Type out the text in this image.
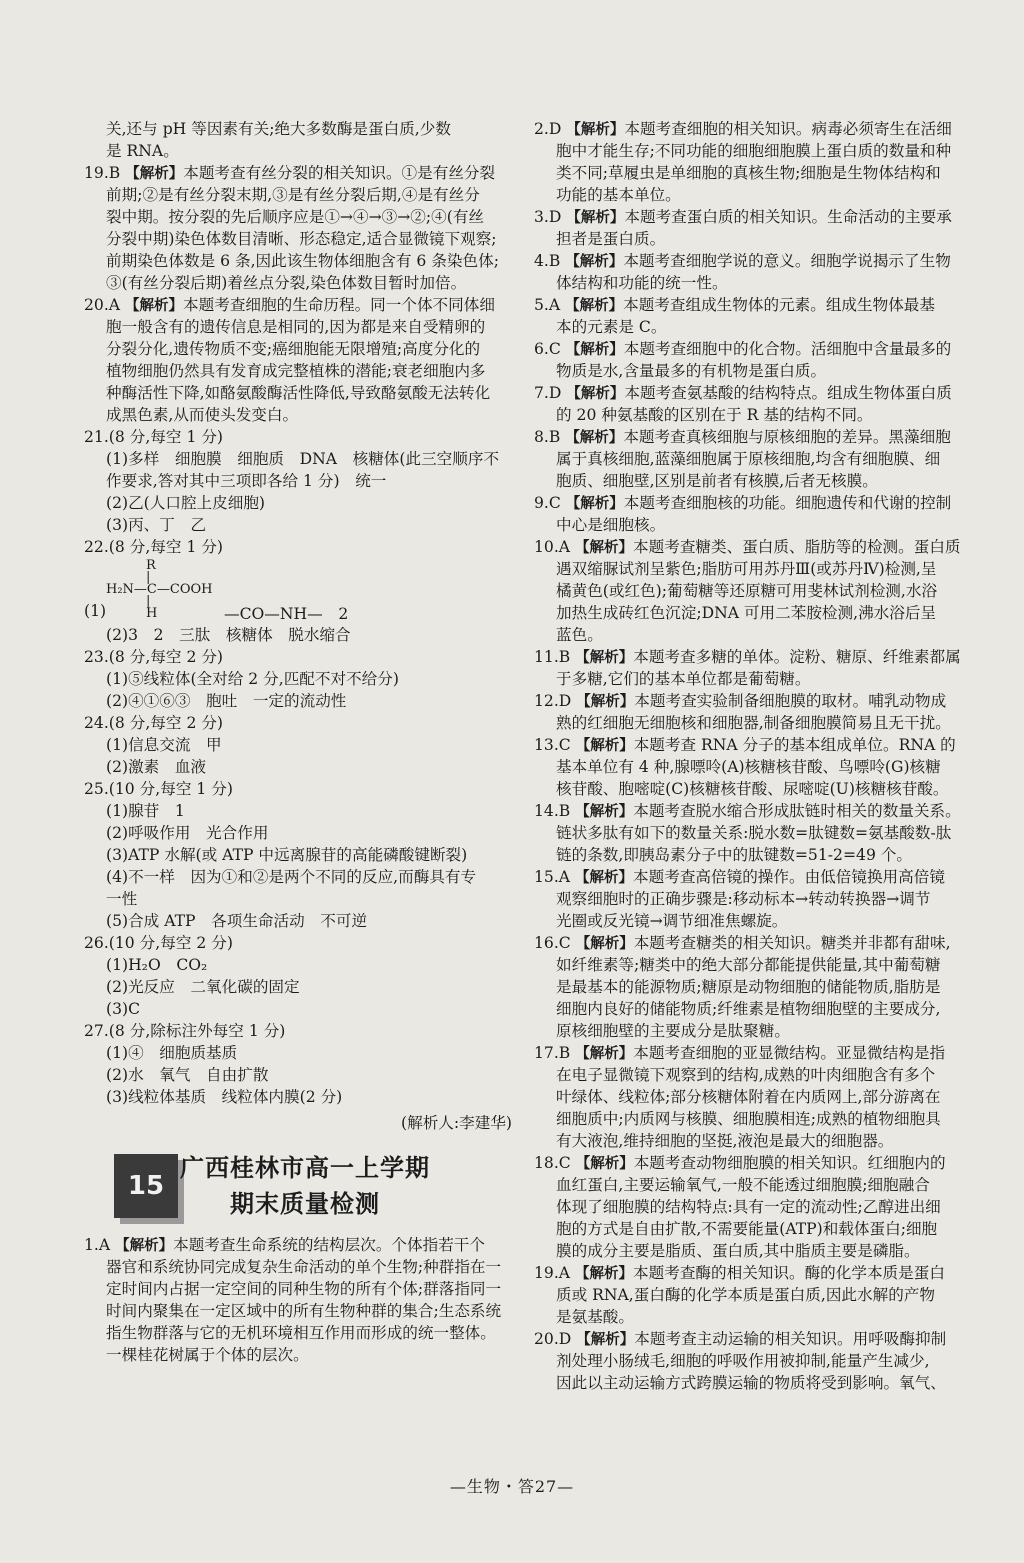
关,还与 pH 等因素有关;绝大多数酶是蛋白质,少数
是 RNA。
19.B 【解析】本题考查有丝分裂的相关知识。①是有丝分裂
前期;②是有丝分裂末期,③是有丝分裂后期,④是有丝分
裂中期。按分裂的先后顺序应是①→④→③→②;④(有丝
分裂中期)染色体数目清晰、形态稳定,适合显微镜下观察;
前期染色体数是 6 条,因此该生物体细胞含有 6 条染色体;
③(有丝分裂后期)着丝点分裂,染色体数目暂时加倍。
20.A 【解析】本题考查细胞的生命历程。同一个体不同体细
胞一般含有的遗传信息是相同的,因为都是来自受精卵的
分裂分化,遗传物质不变;癌细胞能无限增殖;高度分化的
植物细胞仍然具有发育成完整植株的潜能;衰老细胞内多
种酶活性下降,如酪氨酸酶活性降低,导致酪氨酸无法转化
成黑色素,从而使头发变白。
21.(8 分,每空 1 分)
(1)多样　细胞膜　细胞质　DNA　核糖体(此三空顺序不
作要求,答对其中三项即各给 1 分)　统一
(2)乙(人口腔上皮细胞)
(3)丙、丁　乙
22.(8 分,每空 1 分)
R
|
H₂N—C—COOH
|
(1)	H	—CO—NH—　2
(2)3　2　三肽　核糖体　脱水缩合
23.(8 分,每空 2 分)
(1)⑤线粒体(全对给 2 分,匹配不对不给分)
(2)④①⑥③　胞吐　一定的流动性
24.(8 分,每空 2 分)
(1)信息交流　甲
(2)激素　血液
25.(10 分,每空 1 分)
(1)腺苷　1
(2)呼吸作用　光合作用
(3)ATP 水解(或 ATP 中远离腺苷的高能磷酸键断裂)
(4)不一样　因为①和②是两个不同的反应,而酶具有专
一性
(5)合成 ATP　各项生命活动　不可逆
26.(10 分,每空 2 分)
(1)H₂O　CO₂
(2)光反应　二氧化碳的固定
(3)C
27.(8 分,除标注外每空 1 分)
(1)④　细胞质基质
(2)水　氧气　自由扩散
(3)线粒体基质　线粒体内膜(2 分)
(解析人:李建华)
15
广西桂林市高一上学期
期末质量检测
1.A 【解析】本题考查生命系统的结构层次。个体指若干个
器官和系统协同完成复杂生命活动的单个生物;种群指在一
定时间内占据一定空间的同种生物的所有个体;群落指同一
时间内聚集在一定区域中的所有生物种群的集合;生态系统
指生物群落与它的无机环境相互作用而形成的统一整体。
一棵桂花树属于个体的层次。
2.D 【解析】本题考查细胞的相关知识。病毒必须寄生在活细
胞中才能生存;不同功能的细胞细胞膜上蛋白质的数量和种
类不同;草履虫是单细胞的真核生物;细胞是生物体结构和
功能的基本单位。
3.D 【解析】本题考查蛋白质的相关知识。生命活动的主要承
担者是蛋白质。
4.B 【解析】本题考查细胞学说的意义。细胞学说揭示了生物
体结构和功能的统一性。
5.A 【解析】本题考查组成生物体的元素。组成生物体最基
本的元素是 C。
6.C 【解析】本题考查细胞中的化合物。活细胞中含量最多的
物质是水,含量最多的有机物是蛋白质。
7.D 【解析】本题考查氨基酸的结构特点。组成生物体蛋白质
的 20 种氨基酸的区别在于 R 基的结构不同。
8.B 【解析】本题考查真核细胞与原核细胞的差异。黑藻细胞
属于真核细胞,蓝藻细胞属于原核细胞,均含有细胞膜、细
胞质、细胞壁,区别是前者有核膜,后者无核膜。
9.C 【解析】本题考查细胞核的功能。细胞遗传和代谢的控制
中心是细胞核。
10.A 【解析】本题考查糖类、蛋白质、脂肪等的检测。蛋白质
遇双缩脲试剂呈紫色;脂肪可用苏丹Ⅲ(或苏丹Ⅳ)检测,呈
橘黄色(或红色);葡萄糖等还原糖可用斐林试剂检测,水浴
加热生成砖红色沉淀;DNA 可用二苯胺检测,沸水浴后呈
蓝色。
11.B 【解析】本题考查多糖的单体。淀粉、糖原、纤维素都属
于多糖,它们的基本单位都是葡萄糖。
12.D 【解析】本题考查实验制备细胞膜的取材。哺乳动物成
熟的红细胞无细胞核和细胞器,制备细胞膜简易且无干扰。
13.C 【解析】本题考查 RNA 分子的基本组成单位。RNA 的
基本单位有 4 种,腺嘌呤(A)核糖核苷酸、鸟嘌呤(G)核糖
核苷酸、胞嘧啶(C)核糖核苷酸、尿嘧啶(U)核糖核苷酸。
14.B 【解析】本题考查脱水缩合形成肽链时相关的数量关系。
链状多肽有如下的数量关系:脱水数=肽键数=氨基酸数-肽
链的条数,即胰岛素分子中的肽键数=51-2=49 个。
15.A 【解析】本题考查高倍镜的操作。由低倍镜换用高倍镜
观察细胞时的正确步骤是:移动标本→转动转换器→调节
光圈或反光镜→调节细准焦螺旋。
16.C 【解析】本题考查糖类的相关知识。糖类并非都有甜味,
如纤维素等;糖类中的绝大部分都能提供能量,其中葡萄糖
是最基本的能源物质;糖原是动物细胞的储能物质,脂肪是
细胞内良好的储能物质;纤维素是植物细胞壁的主要成分,
原核细胞壁的主要成分是肽聚糖。
17.B 【解析】本题考查细胞的亚显微结构。亚显微结构是指
在电子显微镜下观察到的结构,成熟的叶肉细胞含有多个
叶绿体、线粒体;部分核糖体附着在内质网上,部分游离在
细胞质中;内质网与核膜、细胞膜相连;成熟的植物细胞具
有大液泡,维持细胞的坚挺,液泡是最大的细胞器。
18.C 【解析】本题考查动物细胞膜的相关知识。红细胞内的
血红蛋白,主要运输氧气,一般不能透过细胞膜;细胞融合
体现了细胞膜的结构特点:具有一定的流动性;乙醇进出细
胞的方式是自由扩散,不需要能量(ATP)和载体蛋白;细胞
膜的成分主要是脂质、蛋白质,其中脂质主要是磷脂。
19.A 【解析】本题考查酶的相关知识。酶的化学本质是蛋白
质或 RNA,蛋白酶的化学本质是蛋白质,因此水解的产物
是氨基酸。
20.D 【解析】本题考查主动运输的相关知识。用呼吸酶抑制
剂处理小肠绒毛,细胞的呼吸作用被抑制,能量产生减少,
因此以主动运输方式跨膜运输的物质将受到影响。氧气、
—生物・答27—
